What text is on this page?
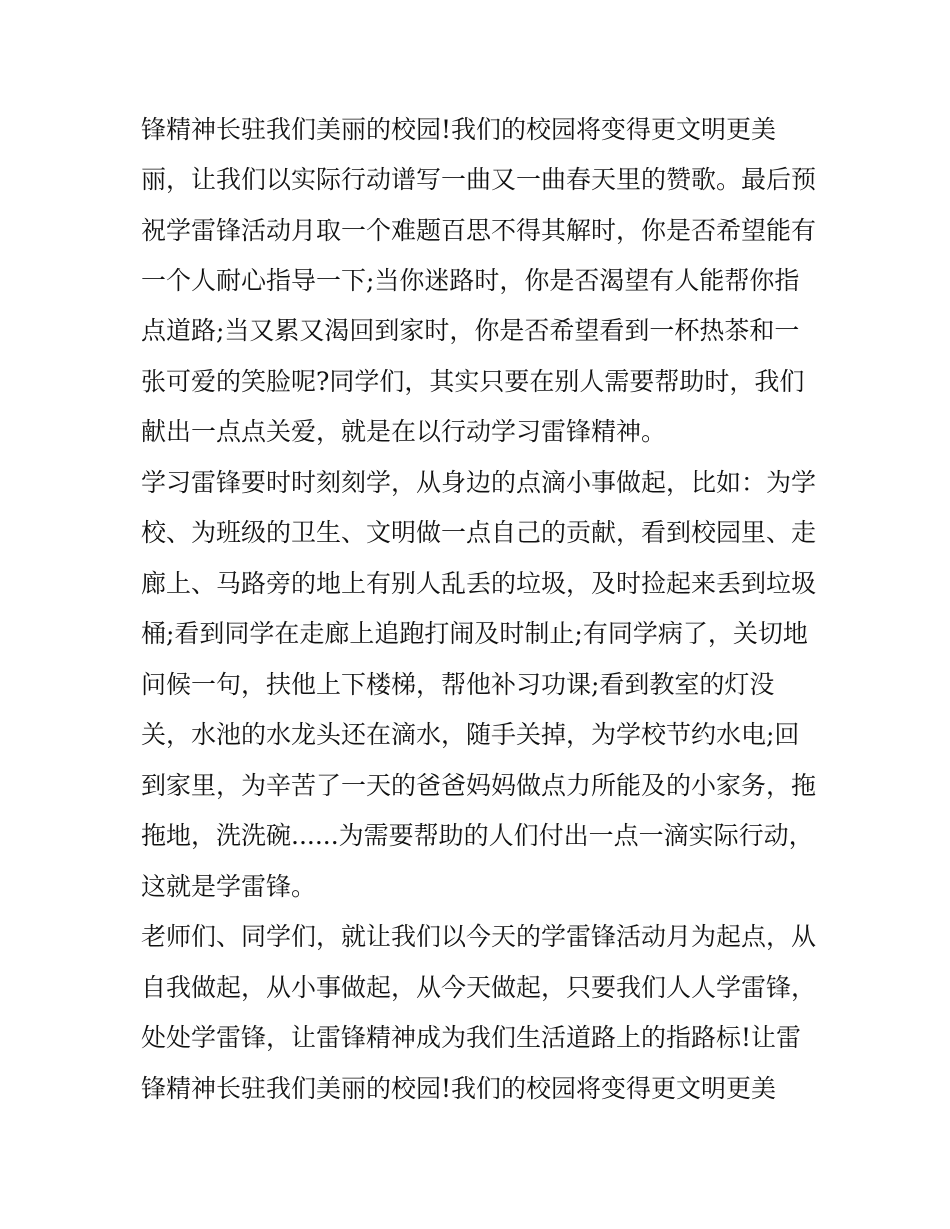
锋精神长驻我们美丽的校园!我们的校园将变得更文明更美
丽，让我们以实际行动谱写一曲又一曲春天里的赞歌。最后预
祝学雷锋活动月取一个难题百思不得其解时，你是否希望能有
一个人耐心指导一下;当你迷路时，你是否渴望有人能帮你指
点道路;当又累又渴回到家时，你是否希望看到一杯热茶和一
张可爱的笑脸呢?同学们，其实只要在别人需要帮助时，我们
献出一点点关爱，就是在以行动学习雷锋精神。
学习雷锋要时时刻刻学，从身边的点滴小事做起，比如：为学
校、为班级的卫生、文明做一点自己的贡献，看到校园里、走
廊上、马路旁的地上有别人乱丢的垃圾，及时捡起来丢到垃圾
桶;看到同学在走廊上追跑打闹及时制止;有同学病了，关切地
问候一句，扶他上下楼梯，帮他补习功课;看到教室的灯没
关，水池的水龙头还在滴水，随手关掉，为学校节约水电;回
到家里，为辛苦了一天的爸爸妈妈做点力所能及的小家务，拖
拖地，洗洗碗......为需要帮助的人们付出一点一滴实际行动，
这就是学雷锋。
老师们、同学们，就让我们以今天的学雷锋活动月为起点，从
自我做起，从小事做起，从今天做起，只要我们人人学雷锋，
处处学雷锋，让雷锋精神成为我们生活道路上的指路标!让雷
锋精神长驻我们美丽的校园!我们的校园将变得更文明更美
